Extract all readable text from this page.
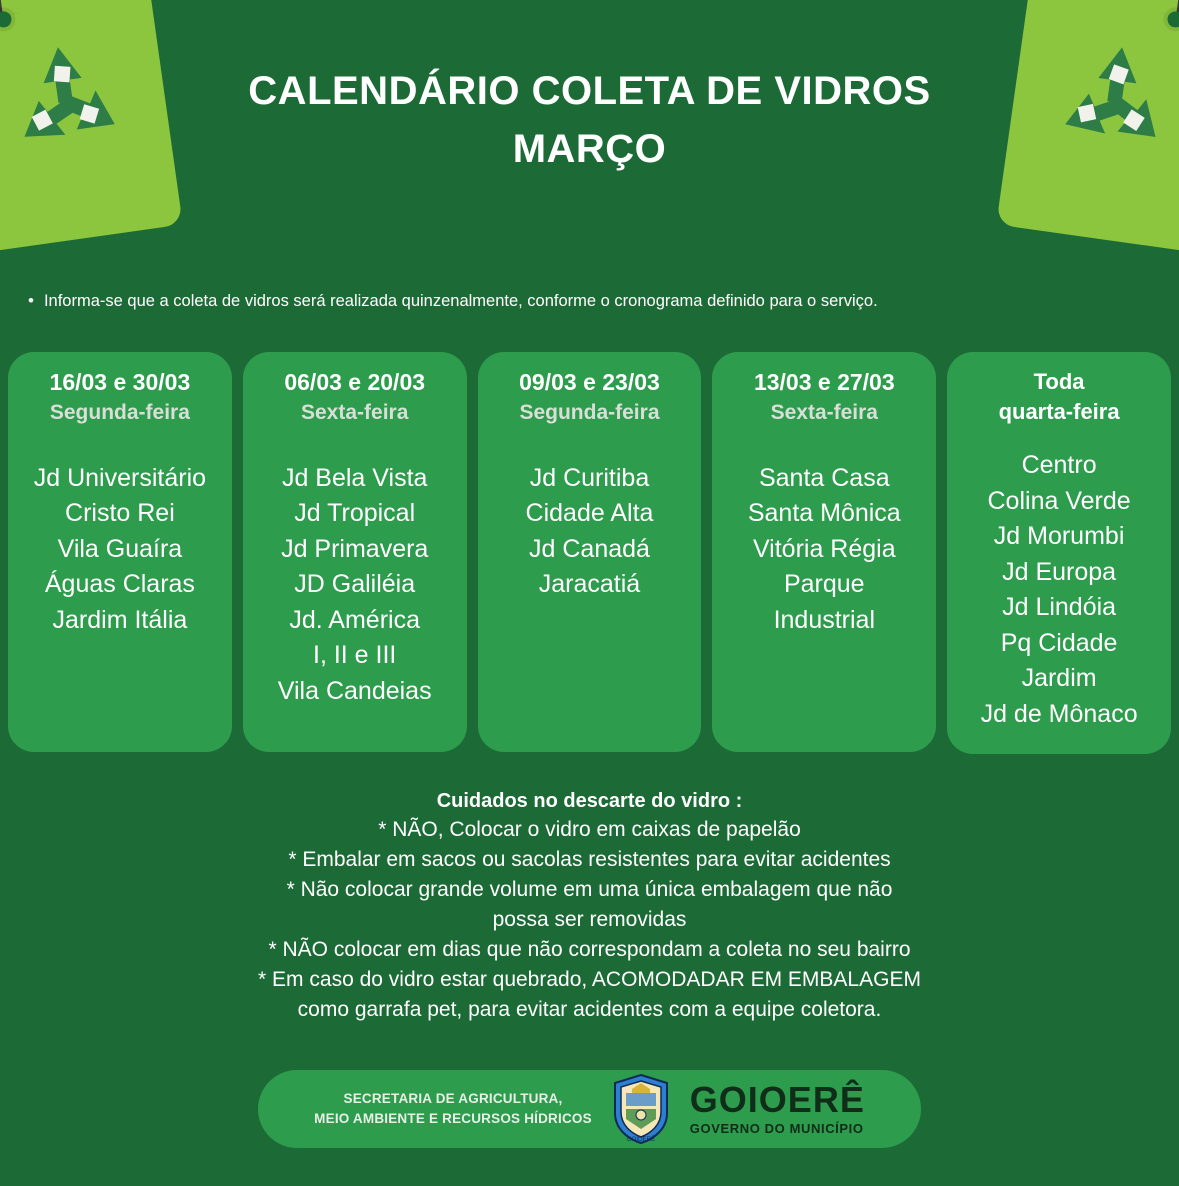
CALENDÁRIO COLETA DE VIDROS
MARÇO
• Informa-se que a coleta de vidros será realizada quinzenalmente, conforme o cronograma definido para o serviço.
16/03 e 30/03
Segunda-feira
Jd Universitário
Cristo Rei
Vila Guaíra
Águas Claras
Jardim Itália
06/03 e 20/03
Sexta-feira
Jd Bela Vista
Jd Tropical
Jd Primavera
JD Galiléia
Jd. América
I, II e III
Vila Candeias
09/03 e 23/03
Segunda-feira
Jd Curitiba
Cidade Alta
Jd Canadá
Jaracatiá
13/03 e 27/03
Sexta-feira
Santa Casa
Santa Mônica
Vitória Régia
Parque
Industrial
Toda
quarta-feira
Centro
Colina Verde
Jd Morumbi
Jd Europa
Jd Lindóia
Pq Cidade
Jardim
Jd de Mônaco
Cuidados no descarte do vidro :
* NÃO, Colocar o vidro em caixas de papelão
* Embalar em sacos ou sacolas resistentes para evitar acidentes
* Não colocar grande volume em uma única embalagem que não
possa ser removidas
* NÃO colocar em dias que não correspondam a coleta no seu bairro
* Em caso do vidro estar quebrado, ACOMODADAR EM EMBALAGEM
como garrafa pet, para evitar acidentes com a equipe coletora.
SECRETARIA DE AGRICULTURA,
MEIO AMBIENTE E RECURSOS HÍDRICOS
GOIOERÊ
GOIOERÊ
GOVERNO DO MUNICÍPIO
